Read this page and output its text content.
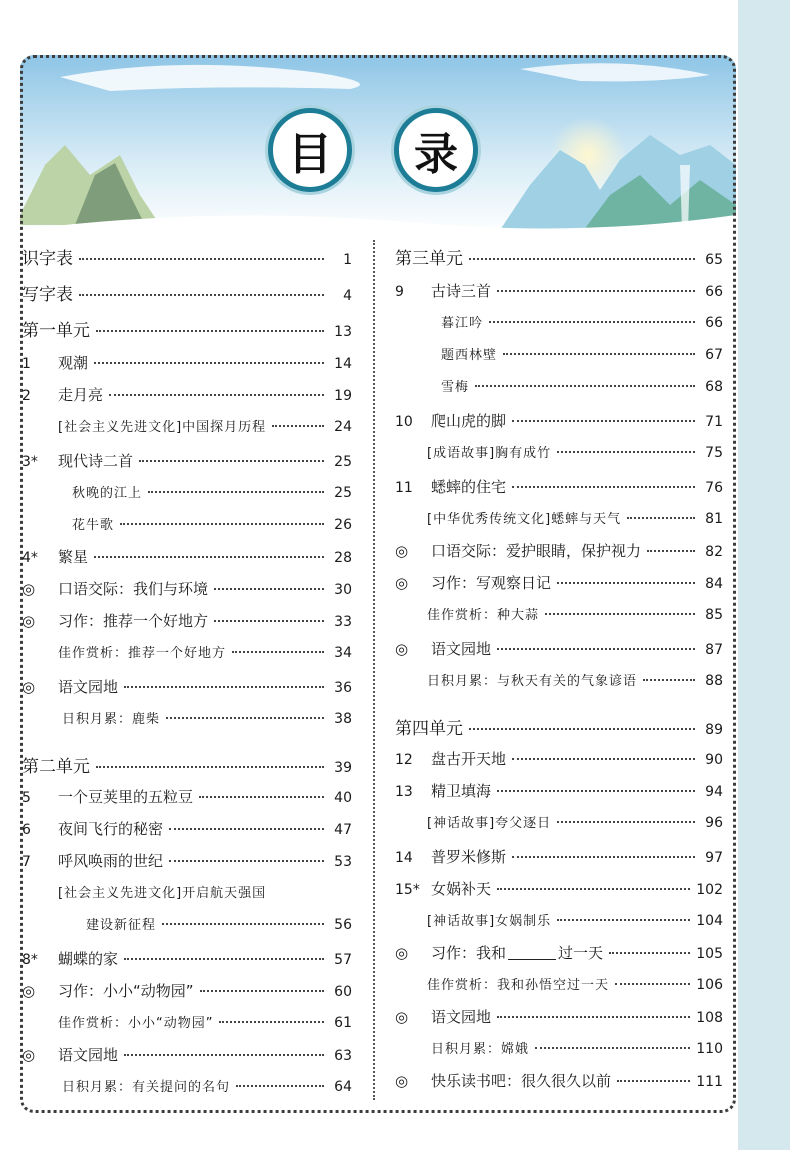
目	录
识字表	1
写字表	4
第一单元	13
1	观潮	14
2	走月亮	19
[社会主义先进文化]中国探月历程	24
3*	现代诗二首	25
秋晚的江上	25
花牛歌	26
4*	繁星	28
◎	口语交际：我们与环境	30
◎	习作：推荐一个好地方	33
佳作赏析：推荐一个好地方	34
◎	语文园地	36
日积月累：鹿柴	38
第二单元	39
5	一个豆荚里的五粒豆	40
6	夜间飞行的秘密	47
7	呼风唤雨的世纪	53
[社会主义先进文化]开启航天强国
建设新征程	56
8*	蝴蝶的家	57
◎	习作：小小“动物园”	60
佳作赏析：小小“动物园”	61
◎	语文园地	63
日积月累：有关提问的名句	64
第三单元	65
9	古诗三首	66
暮江吟	66
题西林壁	67
雪梅	68
10	爬山虎的脚	71
[成语故事]胸有成竹	75
11	蟋蟀的住宅	76
[中华优秀传统文化]蟋蟀与天气	81
◎	口语交际：爱护眼睛，保护视力	82
◎	习作：写观察日记	84
佳作赏析：种大蒜	85
◎	语文园地	87
日积月累：与秋天有关的气象谚语	88
第四单元	89
12	盘古开天地	90
13	精卫填海	94
[神话故事]夸父逐日	96
14	普罗米修斯	97
15* 女娲补天	102
[神话故事]女娲制乐	104
◎	习作：我和	过一天	105
佳作赏析：我和孙悟空过一天	106
◎	语文园地	108
日积月累：嫦娥	110
◎	快乐读书吧：很久很久以前	111
